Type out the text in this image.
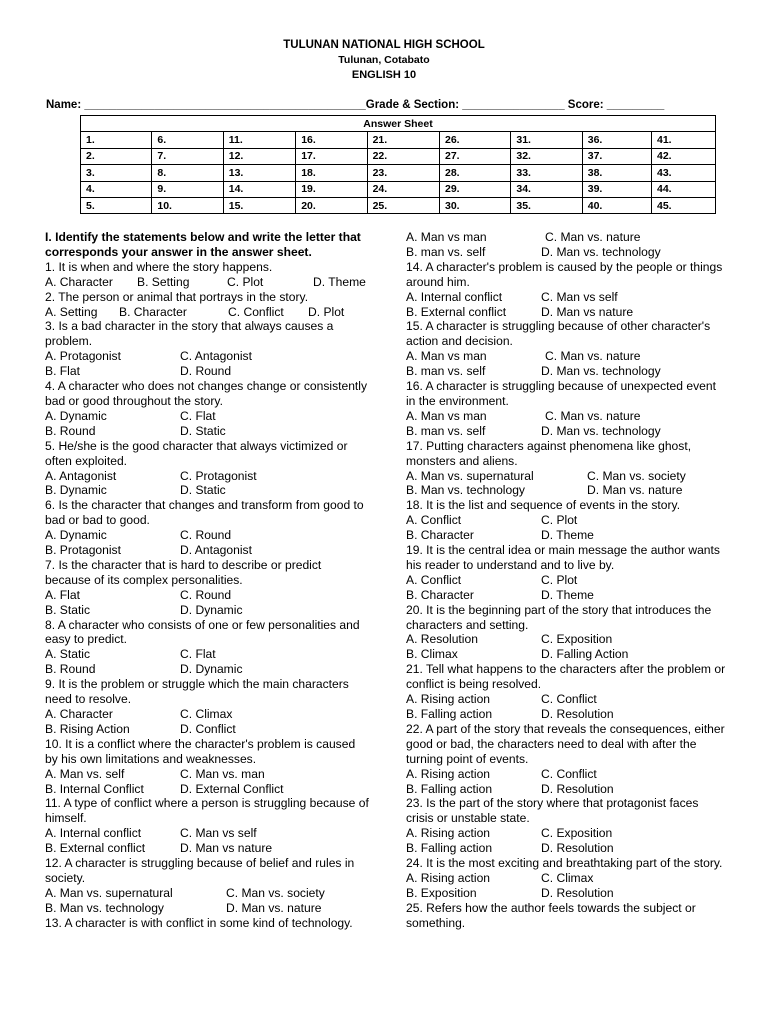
TULUNAN NATIONAL HIGH SCHOOL
Tulunan, Cotabato
ENGLISH 10
Name: ____________________________________________Grade & Section: ________________ Score: _________
Answer Sheet								
1.	6.	11.	16.	21.	26.	31.	36.	41.
2.	7.	12.	17.	22.	27.	32.	37.	42.
3.	8.	13.	18.	23.	28.	33.	38.	43.
4.	9.	14.	19.	24.	29.	34.	39.	44.
5.	10.	15.	20.	25.	30.	35.	40.	45.
I. Identify the statements below and write the letter that corresponds your answer in the answer sheet.
1. It is when and where the story happens.
A. Character	B. Setting	C. Plot	D. Theme
2. The person or animal that portrays in the story.
A. Setting	B. Character	C. Conflict	D. Plot
3. Is a bad character in the story that always causes a problem.
A. Protagonist	C. Antagonist
B. Flat	D. Round
4. A character who does not changes change or consistently bad or good throughout the story.
A. Dynamic	C. Flat
B. Round	D. Static
5. He/she is the good character that always victimized or often exploited.
A. Antagonist	C. Protagonist
B. Dynamic	D. Static
6. Is the character that changes and transform from good to bad or bad to good.
A. Dynamic	C. Round
B. Protagonist	D. Antagonist
7. Is the character that is hard to describe or predict because of its complex personalities.
A. Flat	C. Round
B. Static	D. Dynamic
8. A character who consists of one or few personalities and easy to predict.
A. Static	C. Flat
B. Round	D. Dynamic
9. It is the problem or struggle which the main characters need to resolve.
A. Character	C. Climax
B. Rising Action	D. Conflict
10. It is a conflict where the character's problem is caused by his own limitations and weaknesses.
A. Man vs. self	C. Man vs. man
B. Internal Conflict	D. External Conflict
11. A type of conflict where a person is struggling because of himself.
A. Internal conflict	C. Man vs self
B. External conflict	D. Man vs nature
12. A character is struggling because of belief and rules in society.
A. Man vs. supernatural	C. Man vs. society
B. Man vs. technology	D. Man vs. nature
13. A character is with conflict in some kind of technology.
A. Man vs man	C. Man vs. nature
B. man vs. self	D. Man vs. technology
14. A character's problem is caused by the people or things around him.
A. Internal conflict	C. Man vs self
B. External conflict	D. Man vs nature
15. A character is struggling because of other character's action and decision.
A. Man vs man	C. Man vs. nature
B. man vs. self	D. Man vs. technology
16. A character is struggling because of unexpected event in the environment.
A. Man vs man	C. Man vs. nature
B. man vs. self	D. Man vs. technology
17. Putting characters against phenomena like ghost, monsters and aliens.
A. Man vs. supernatural	C. Man vs. society
B. Man vs. technology	D. Man vs. nature
18. It is the list and sequence of events in the story.
A. Conflict	C. Plot
B. Character	D. Theme
19. It is the central idea or main message the author wants his reader to understand and to live by.
A. Conflict	C. Plot
B. Character	D. Theme
20. It is the beginning part of the story that introduces the characters and setting.
A. Resolution	C. Exposition
B. Climax	D. Falling Action
21. Tell what happens to the characters after the problem or conflict is being resolved.
A. Rising action	C. Conflict
B. Falling action	D. Resolution
22. A part of the story that reveals the consequences, either good or bad, the characters need to deal with after the turning point of events.
A. Rising action	C. Conflict
B. Falling action	D. Resolution
23. Is the part of the story where that protagonist faces crisis or unstable state.
A. Rising action	C. Exposition
B. Falling action	D. Resolution
24. It is the most exciting and breathtaking part of the story.
A. Rising action	C. Climax
B. Exposition	D. Resolution
25. Refers how the author feels towards the subject or something.
